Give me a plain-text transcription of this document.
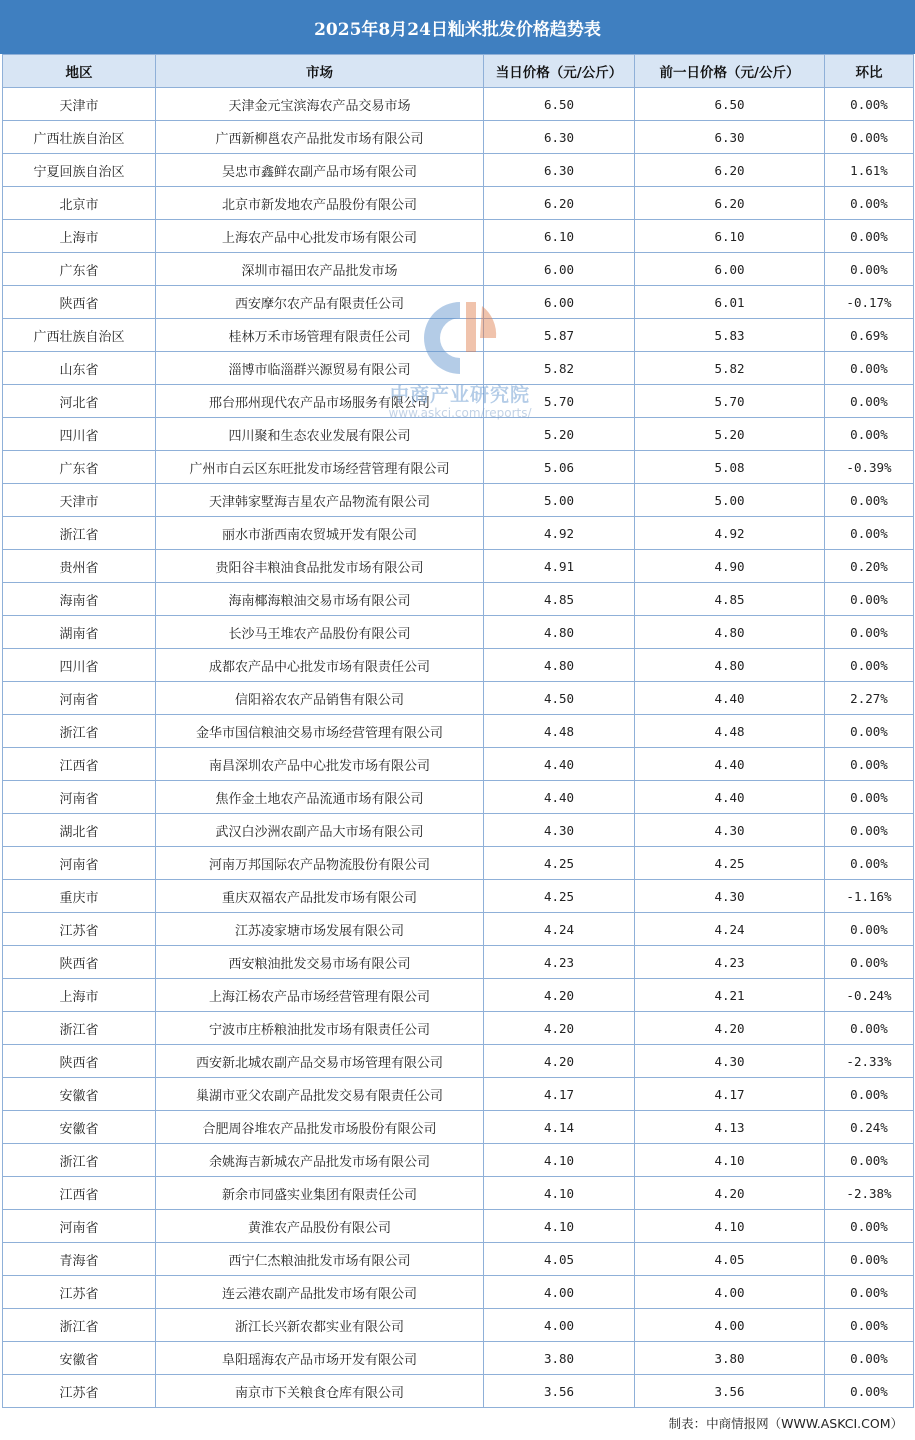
2025年8月24日籼米批发价格趋势表
地区	市场	当日价格（元/公斤）	前一日价格（元/公斤）	环比
天津市	天津金元宝滨海农产品交易市场	6.50	6.50	0.00%
广西壮族自治区	广西新柳邕农产品批发市场有限公司	6.30	6.30	0.00%
宁夏回族自治区	吴忠市鑫鲜农副产品市场有限公司	6.30	6.20	1.61%
北京市	北京市新发地农产品股份有限公司	6.20	6.20	0.00%
上海市	上海农产品中心批发市场有限公司	6.10	6.10	0.00%
广东省	深圳市福田农产品批发市场	6.00	6.00	0.00%
陕西省	西安摩尔农产品有限责任公司	6.00	6.01	-0.17%
广西壮族自治区	桂林万禾市场管理有限责任公司	5.87	5.83	0.69%
山东省	淄博市临淄群兴源贸易有限公司	5.82	5.82	0.00%
河北省	邢台邢州现代农产品市场服务有限公司	5.70	5.70	0.00%
四川省	四川聚和生态农业发展有限公司	5.20	5.20	0.00%
广东省	广州市白云区东旺批发市场经营管理有限公司	5.06	5.08	-0.39%
天津市	天津韩家墅海吉星农产品物流有限公司	5.00	5.00	0.00%
浙江省	丽水市浙西南农贸城开发有限公司	4.92	4.92	0.00%
贵州省	贵阳谷丰粮油食品批发市场有限公司	4.91	4.90	0.20%
海南省	海南椰海粮油交易市场有限公司	4.85	4.85	0.00%
湖南省	长沙马王堆农产品股份有限公司	4.80	4.80	0.00%
四川省	成都农产品中心批发市场有限责任公司	4.80	4.80	0.00%
河南省	信阳裕农农产品销售有限公司	4.50	4.40	2.27%
浙江省	金华市国信粮油交易市场经营管理有限公司	4.48	4.48	0.00%
江西省	南昌深圳农产品中心批发市场有限公司	4.40	4.40	0.00%
河南省	焦作金土地农产品流通市场有限公司	4.40	4.40	0.00%
湖北省	武汉白沙洲农副产品大市场有限公司	4.30	4.30	0.00%
河南省	河南万邦国际农产品物流股份有限公司	4.25	4.25	0.00%
重庆市	重庆双福农产品批发市场有限公司	4.25	4.30	-1.16%
江苏省	江苏凌家塘市场发展有限公司	4.24	4.24	0.00%
陕西省	西安粮油批发交易市场有限公司	4.23	4.23	0.00%
上海市	上海江杨农产品市场经营管理有限公司	4.20	4.21	-0.24%
浙江省	宁波市庄桥粮油批发市场有限责任公司	4.20	4.20	0.00%
陕西省	西安新北城农副产品交易市场管理有限公司	4.20	4.30	-2.33%
安徽省	巢湖市亚父农副产品批发交易有限责任公司	4.17	4.17	0.00%
安徽省	合肥周谷堆农产品批发市场股份有限公司	4.14	4.13	0.24%
浙江省	余姚海吉新城农产品批发市场有限公司	4.10	4.10	0.00%
江西省	新余市同盛实业集团有限责任公司	4.10	4.20	-2.38%
河南省	黄淮农产品股份有限公司	4.10	4.10	0.00%
青海省	西宁仁杰粮油批发市场有限公司	4.05	4.05	0.00%
江苏省	连云港农副产品批发市场有限公司	4.00	4.00	0.00%
浙江省	浙江长兴新农都实业有限公司	4.00	4.00	0.00%
安徽省	阜阳瑶海农产品市场开发有限公司	3.80	3.80	0.00%
江苏省	南京市下关粮食仓库有限公司	3.56	3.56	0.00%
中商产业研究院
www.askci.com/reports/
制表：中商情报网（WWW.ASKCI.COM）
